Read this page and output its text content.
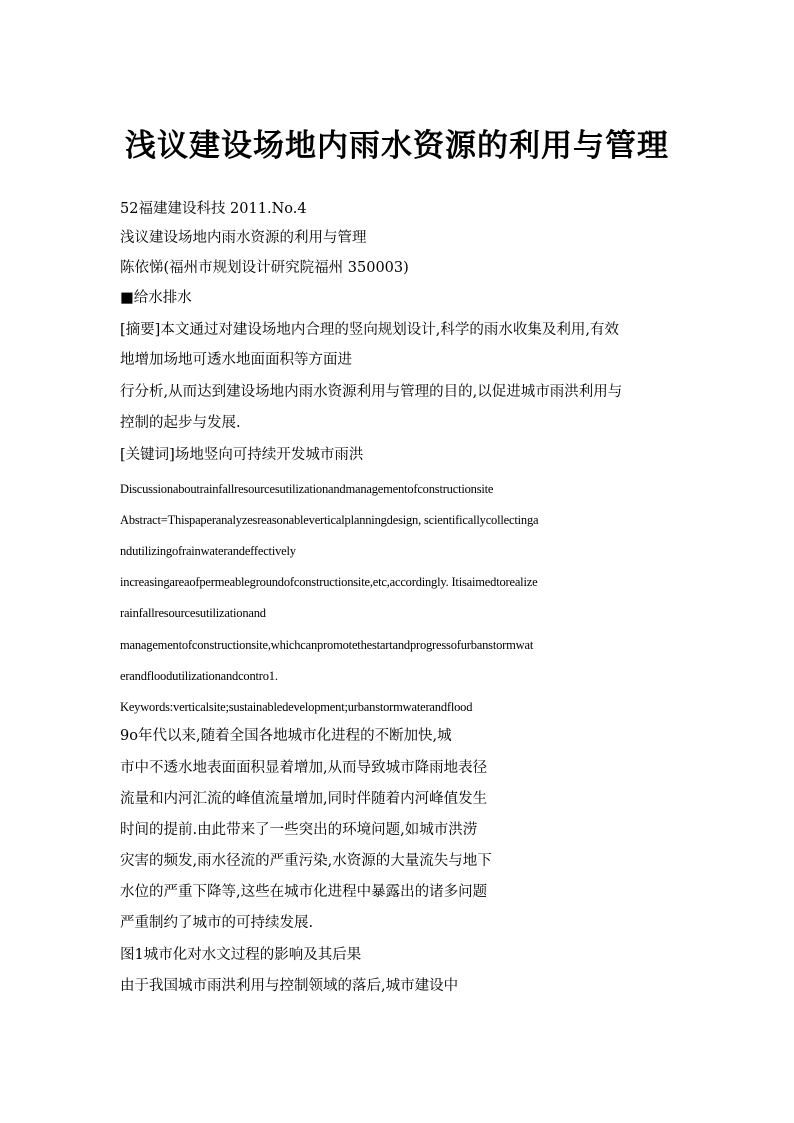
浅议建设场地内雨水资源的利用与管理
52福建建设科技 2011.No.4
浅议建设场地内雨水资源的利用与管理
陈依悌(福州市规划设计研究院福州 350003)
■给水排水
[摘要]本文通过对建设场地内合理的竖向规划设计,科学的雨水收集及利用,有效
地增加场地可透水地面面积等方面进
行分析,从而达到建设场地内雨水资源利用与管理的目的,以促进城市雨洪利用与
控制的起步与发展.
[关键词]场地竖向可持续开发城市雨洪
Discussionaboutrainfallresourcesutilizationandmanagementofconstructionsite
Abstract=Thispaperanalyzesreasonableverticalplanningdesign, scientificallycollectinga
ndutilizingofrainwaterandeffectively
increasingareaofpermeablegroundofconstructionsite,etc,accordingly. Itisaimedtorealize
rainfallresourcesutilizationand
managementofconstructionsite,whichcanpromotethestartandprogressofurbanstormwat
erandfloodutilizationandcontro1.
Keywords:verticalsite;sustainabledevelopment;urbanstormwaterandflood
9o年代以来,随着全国各地城市化进程的不断加快,城
市中不透水地表面面积显着增加,从而导致城市降雨地表径
流量和内河汇流的峰值流量增加,同时伴随着内河峰值发生
时间的提前.由此带来了一些突出的环境问题,如城市洪涝
灾害的频发,雨水径流的严重污染,水资源的大量流失与地下
水位的严重下降等,这些在城市化进程中暴露出的诸多问题
严重制约了城市的可持续发展.
图1城市化对水文过程的影响及其后果
由于我国城市雨洪利用与控制领域的落后,城市建设中
